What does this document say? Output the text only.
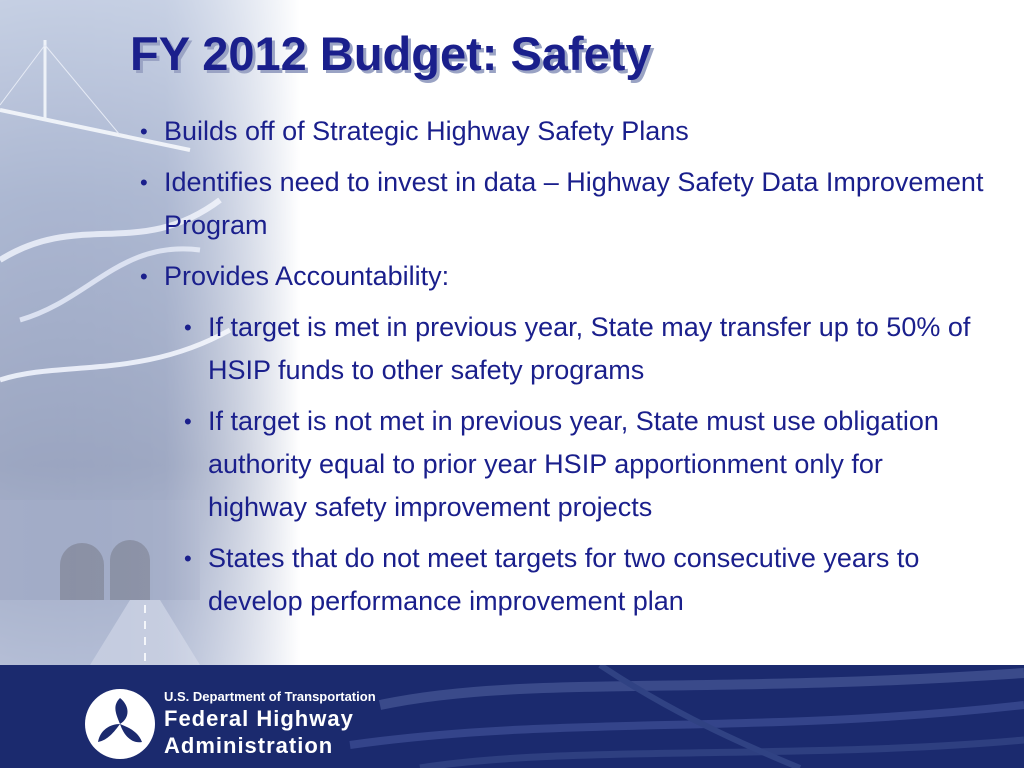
FY 2012 Budget: Safety
• Builds off of Strategic Highway Safety Plans
• Identifies need to invest in data – Highway Safety Data Improvement Program
• Provides Accountability:
• If target is met in previous year, State may transfer up to 50% of HSIP funds to other safety programs
• If target is not met in previous year, State must use obligation authority equal to prior year HSIP apportionment only for highway safety improvement projects
• States that do not meet targets for two consecutive years to develop performance improvement plan
U.S. Department of Transportation
Federal Highway
Administration
